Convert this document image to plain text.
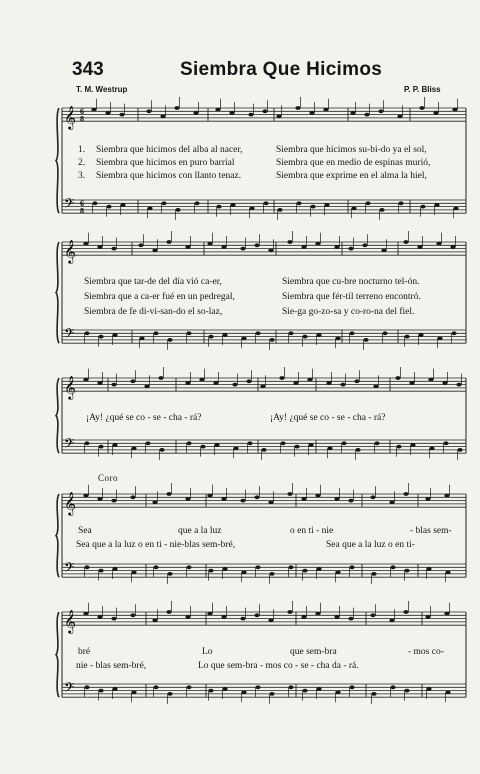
343	Siembra Que Hicimos
T. M. Westrup	P. P. Bliss
𝄞
𝄢
6
8
6
8
𝄞
𝄢
𝄞
𝄢
𝄞
𝄢
𝄞
𝄢
1.
2.
3.
Siembra que hicimos del alba al nacer,
Siembra que hicimos en puro barrial
Siembra que hicimos con llanto tenaz.
Siembra que hicimos su-bi-do ya el sol,
Siembra que en medio de espinas murió,
Siembra que exprime en el alma la hiel,
Siembra que tar-de del día vió ca-er,
Siembra que a ca-er fué en un pedregal,
Siembra de fe di-vi-san-do el so-laz,
Siembra que cu-bre nocturno tel-ón.
Siembra que fér-til terreno encontró.
Sie-ga go-zo-sa y co-ro-na del fiel.
¡Ay! ¿qué se co - se - cha - rá?	¡Ay! ¿qué se co - se - cha - rá?
Coro
Sea	que a la luz	o en ti - nie	- blas sem-
Sea que a la luz o en ti - nie-blas sem-bré,	Sea que a la luz o en ti-
bré	Lo	que sem-bra	- mos co-
nie - blas sem-bré,	Lo que sem-bra - mos co - se - cha da - rá.
